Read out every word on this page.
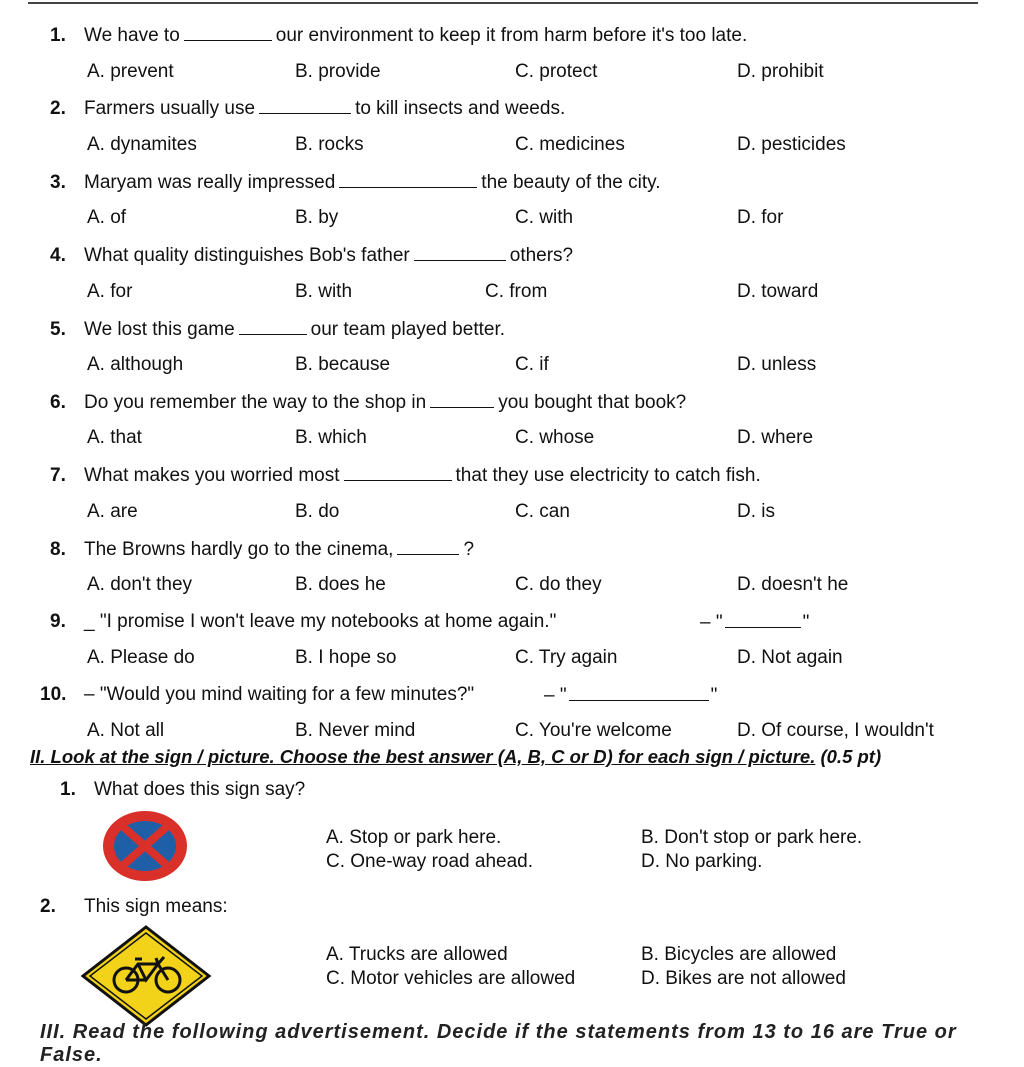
1. We have to	our environment to keep it from harm before it's too late.
A. prevent	B. provide	C. protect	D. prohibit
2. Farmers usually use	to kill insects and weeds.
A. dynamites	B. rocks	C. medicines	D. pesticides
3. Maryam was really impressed	the beauty of the city.
A. of	B. by	C. with	D. for
4. What quality distinguishes Bob's father	others?
A. for	B. with	C. from	D. toward
5. We lost this game	our team played better.
A. although	B. because	C. if	D. unless
6. Do you remember the way to the shop in	you bought that book?
A. that	B. which	C. whose	D. where
7. What makes you worried most	that they use electricity to catch fish.
A. are	B. do	C. can	D. is
8. The Browns hardly go to the cinema,	?
A. don't they	B. does he	C. do they	D. doesn't he
9. _ "I promise I won't leave my notebooks at home again."	– "	"
A. Please do	B. I hope so	C. Try again	D. Not again
10. – "Would you mind waiting for a few minutes?"	– "	"
A. Not all	B. Never mind	C. You're welcome	D. Of course, I wouldn't
II. Look at the sign / picture. Choose the best answer (A, B, C or D) for each sign / picture. (0.5 pt)
1. What does this sign say?
A. Stop or park here.	B. Don't stop or park here.
C. One-way road ahead.	D. No parking.
2. This sign means:
A. Trucks are allowed	B. Bicycles are allowed
C. Motor vehicles are allowed	D. Bikes are not allowed
III. Read the following advertisement. Decide if the statements from 13 to 16 are True or False.
